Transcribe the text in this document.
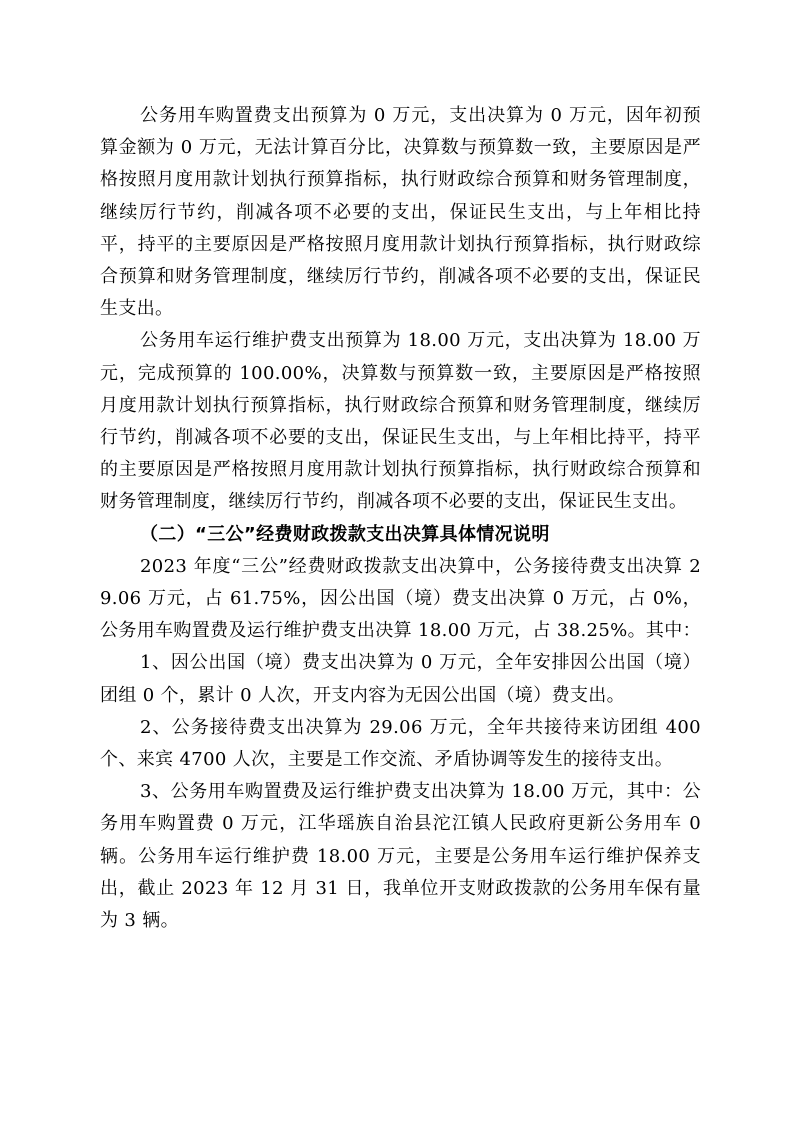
公务用车购置费支出预算为 0 万元，支出决算为 0 万元，因年初预算金额为 0 万元，无法计算百分比，决算数与预算数一致，主要原因是严格按照月度用款计划执行预算指标，执行财政综合预算和财务管理制度，继续厉行节约，削减各项不必要的支出，保证民生支出，与上年相比持平，持平的主要原因是严格按照月度用款计划执行预算指标，执行财政综合预算和财务管理制度，继续厉行节约，削减各项不必要的支出，保证民生支出。

公务用车运行维护费支出预算为 18.00 万元，支出决算为 18.00 万元，完成预算的 100.00%，决算数与预算数一致，主要原因是严格按照月度用款计划执行预算指标，执行财政综合预算和财务管理制度，继续厉行节约，削减各项不必要的支出，保证民生支出，与上年相比持平，持平的主要原因是严格按照月度用款计划执行预算指标，执行财政综合预算和财务管理制度，继续厉行节约，削减各项不必要的支出，保证民生支出。

（二）“三公”经费财政拨款支出决算具体情况说明

2023 年度“三公”经费财政拨款支出决算中，公务接待费支出决算 29.06 万元，占 61.75%，因公出国（境）费支出决算 0 万元，占 0%，公务用车购置费及运行维护费支出决算 18.00 万元，占 38.25%。其中：

1、因公出国（境）费支出决算为 0 万元，全年安排因公出国（境）团组 0 个，累计 0 人次，开支内容为无因公出国（境）费支出。

2、公务接待费支出决算为 29.06 万元，全年共接待来访团组 400 个、来宾 4700 人次，主要是工作交流、矛盾协调等发生的接待支出。

3、公务用车购置费及运行维护费支出决算为 18.00 万元，其中：公务用车购置费 0 万元，江华瑶族自治县沱江镇人民政府更新公务用车 0 辆。公务用车运行维护费 18.00 万元，主要是公务用车运行维护保养支出，截止 2023 年 12 月 31 日，我单位开支财政拨款的公务用车保有量为 3 辆。
